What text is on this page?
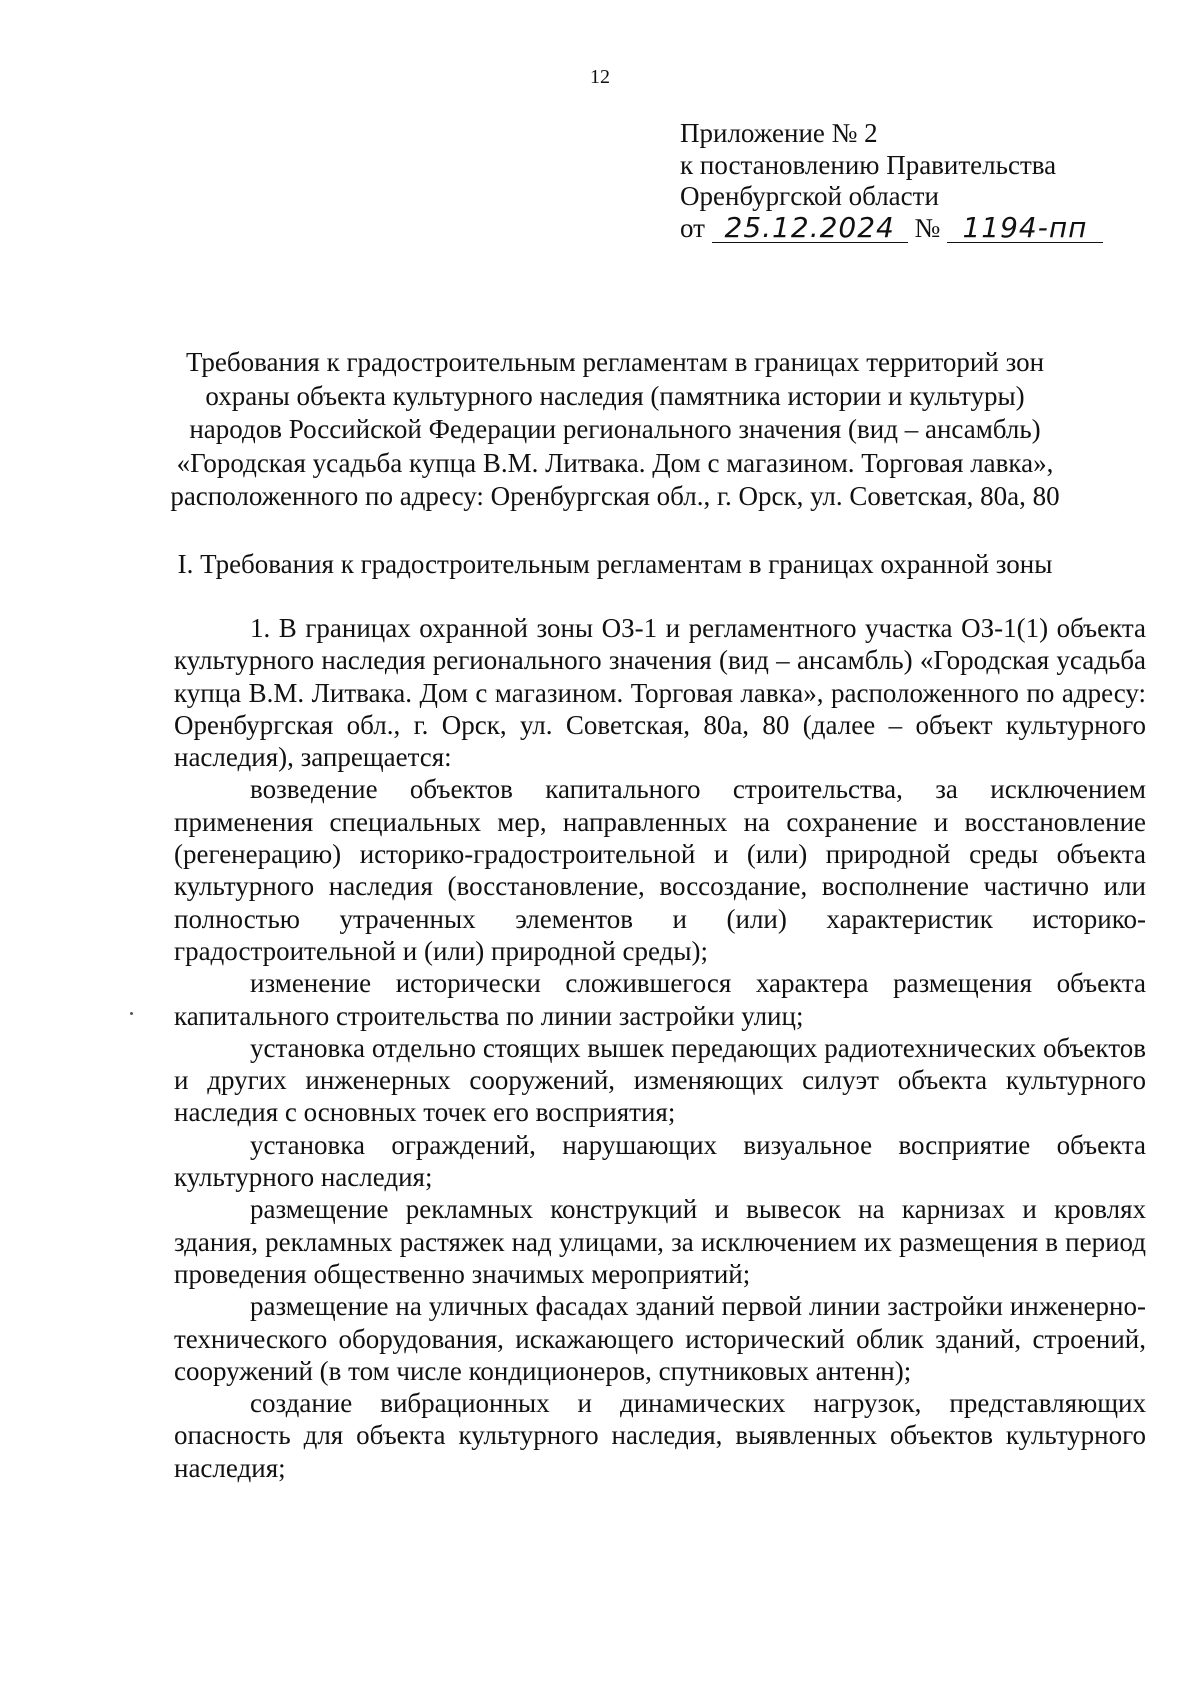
12
Приложение № 2
к постановлению Правительства
Оренбургской области
от 25.12.2024 № 1194-пп
Требования к градостроительным регламентам в границах территорий зон охраны объекта культурного наследия (памятника истории и культуры) народов Российской Федерации регионального значения (вид – ансамбль) «Городская усадьба купца В.М. Литвака. Дом с магазином. Торговая лавка», расположенного по адресу: Оренбургская обл., г. Орск, ул. Советская, 80а, 80
I. Требования к градостроительным регламентам в границах охранной зоны

1. В границах охранной зоны ОЗ-1 и регламентного участка ОЗ-1(1) объекта культурного наследия регионального значения (вид – ансамбль) «Городская усадьба купца В.М. Литвака. Дом с магазином. Торговая лавка», расположенного по адресу: Оренбургская обл., г. Орск, ул. Советская, 80а, 80 (далее – объект культурного наследия), запрещается:

возведение объектов капитального строительства, за исключением применения специальных мер, направленных на сохранение и восстановление (регенерацию) историко-градостроительной и (или) природной среды объекта культурного наследия (восстановление, воссоздание, восполнение частично или полностью утраченных элементов и (или) характеристик историко-градостроительной и (или) природной среды);

изменение исторически сложившегося характера размещения объекта капитального строительства по линии застройки улиц;

установка отдельно стоящих вышек передающих радиотехнических объектов и других инженерных сооружений, изменяющих силуэт объекта культурного наследия с основных точек его восприятия;

установка ограждений, нарушающих визуальное восприятие объекта культурного наследия;

размещение рекламных конструкций и вывесок на карнизах и кровлях здания, рекламных растяжек над улицами, за исключением их размещения в период проведения общественно значимых мероприятий;

размещение на уличных фасадах зданий первой линии застройки инженерно-технического оборудования, искажающего исторический облик зданий, строений, сооружений (в том числе кондиционеров, спутниковых антенн);

создание вибрационных и динамических нагрузок, представляющих опасность для объекта культурного наследия, выявленных объектов культурного наследия;
